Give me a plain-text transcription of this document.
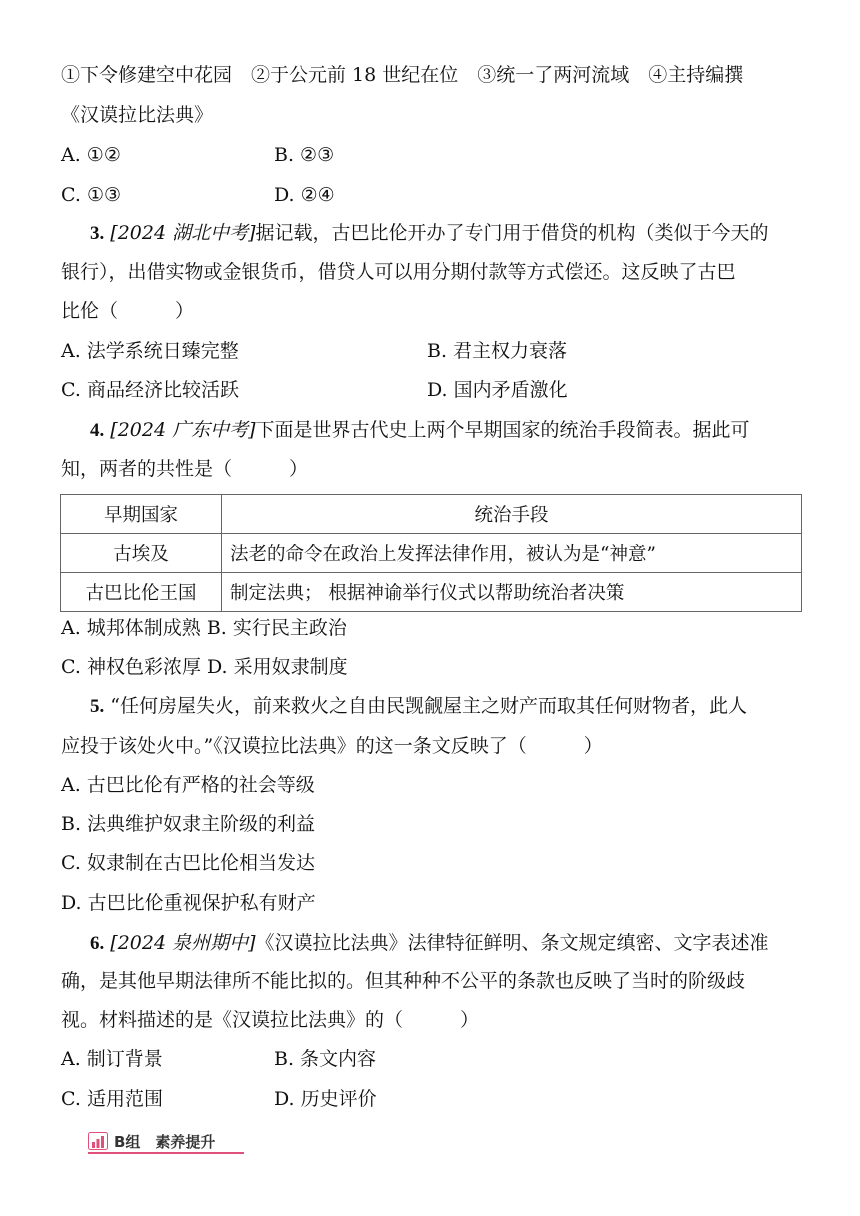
①下令修建空中花园　②于公元前 18 世纪在位　③统一了两河流域　④主持编撰
《汉谟拉比法典》
A. ①②	B. ②③
C. ①③	D. ②④
3. [2024 湖北中考]据记载，古巴比伦开办了专门用于借贷的机构（类似于今天的
银行），出借实物或金银货币，借贷人可以用分期付款等方式偿还。这反映了古巴
比伦（　　　）
A. 法学系统日臻完整	B. 君主权力衰落
C. 商品经济比较活跃	D. 国内矛盾激化
4. [2024 广东中考]下面是世界古代史上两个早期国家的统治手段简表。据此可
知，两者的共性是（　　　）
早期国家	统治手段
古埃及	法老的命令在政治上发挥法律作用，被认为是“神意”
古巴比伦王国	制定法典； 根据神谕举行仪式以帮助统治者决策
A. 城邦体制成熟 B. 实行民主政治
C. 神权色彩浓厚 D. 采用奴隶制度
5. “任何房屋失火，前来救火之自由民觊觎屋主之财产而取其任何财物者，此人
应投于该处火中。”《汉谟拉比法典》的这一条文反映了（　　　）
A. 古巴比伦有严格的社会等级
B. 法典维护奴隶主阶级的利益
C. 奴隶制在古巴比伦相当发达
D. 古巴比伦重视保护私有财产
6. [2024 泉州期中]《汉谟拉比法典》法律特征鲜明、条文规定缜密、文字表述准
确，是其他早期法律所不能比拟的。但其种种不公平的条款也反映了当时的阶级歧
视。材料描述的是《汉谟拉比法典》的（　　　）
A. 制订背景	B. 条文内容
C. 适用范围	D. 历史评价
B组　素养提升
